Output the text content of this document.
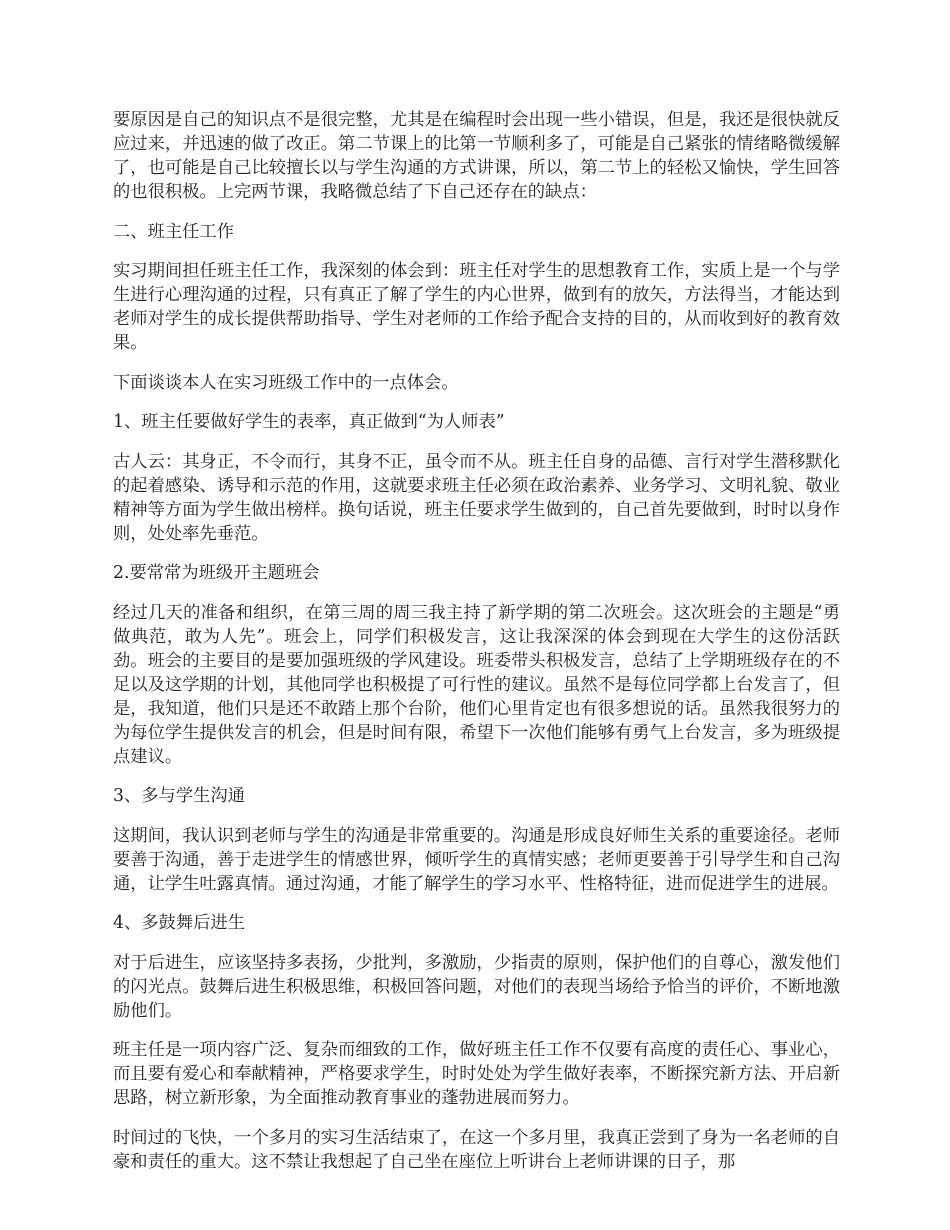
要原因是自己的知识点不是很完整，尤其是在编程时会出现一些小错误，但是，我还是很快就反应过来，并迅速的做了改正。第二节课上的比第一节顺利多了，可能是自己紧张的情绪略微缓解了，也可能是自己比较擅长以与学生沟通的方式讲课，所以，第二节上的轻松又愉快，学生回答的也很积极。上完两节课，我略微总结了下自己还存在的缺点：

二、班主任工作

实习期间担任班主任工作，我深刻的体会到：班主任对学生的思想教育工作，实质上是一个与学生进行心理沟通的过程，只有真正了解了学生的内心世界，做到有的放矢，方法得当，才能达到老师对学生的成长提供帮助指导、学生对老师的工作给予配合支持的目的，从而收到好的教育效果。

下面谈谈本人在实习班级工作中的一点体会。

1、班主任要做好学生的表率，真正做到“为人师表”

古人云：其身正，不令而行，其身不正，虽令而不从。班主任自身的品德、言行对学生潜移默化的起着感染、诱导和示范的作用，这就要求班主任必须在政治素养、业务学习、文明礼貌、敬业精神等方面为学生做出榜样。换句话说，班主任要求学生做到的，自己首先要做到，时时以身作则，处处率先垂范。

2.要常常为班级开主题班会

经过几天的准备和组织，在第三周的周三我主持了新学期的第二次班会。这次班会的主题是“勇做典范，敢为人先”。班会上，同学们积极发言，这让我深深的体会到现在大学生的这份活跃劲。班会的主要目的是要加强班级的学风建设。班委带头积极发言，总结了上学期班级存在的不足以及这学期的计划，其他同学也积极提了可行性的建议。虽然不是每位同学都上台发言了，但是，我知道，他们只是还不敢踏上那个台阶，他们心里肯定也有很多想说的话。虽然我很努力的为每位学生提供发言的机会，但是时间有限，希望下一次他们能够有勇气上台发言，多为班级提点建议。

3、多与学生沟通

这期间，我认识到老师与学生的沟通是非常重要的。沟通是形成良好师生关系的重要途径。老师要善于沟通，善于走进学生的情感世界，倾听学生的真情实感；老师更要善于引导学生和自己沟通，让学生吐露真情。通过沟通，才能了解学生的学习水平、性格特征，进而促进学生的进展。

4、多鼓舞后进生

对于后进生，应该坚持多表扬，少批判，多激励，少指责的原则，保护他们的自尊心，激发他们的闪光点。鼓舞后进生积极思维，积极回答问题，对他们的表现当场给予恰当的评价，不断地激励他们。

班主任是一项内容广泛、复杂而细致的工作，做好班主任工作不仅要有高度的责任心、事业心，而且要有爱心和奉献精神，严格要求学生，时时处处为学生做好表率，不断探究新方法、开启新思路，树立新形象，为全面推动教育事业的蓬勃进展而努力。

时间过的飞快，一个多月的实习生活结束了，在这一个多月里，我真正尝到了身为一名老师的自豪和责任的重大。这不禁让我想起了自己坐在座位上听讲台上老师讲课的日子，那
